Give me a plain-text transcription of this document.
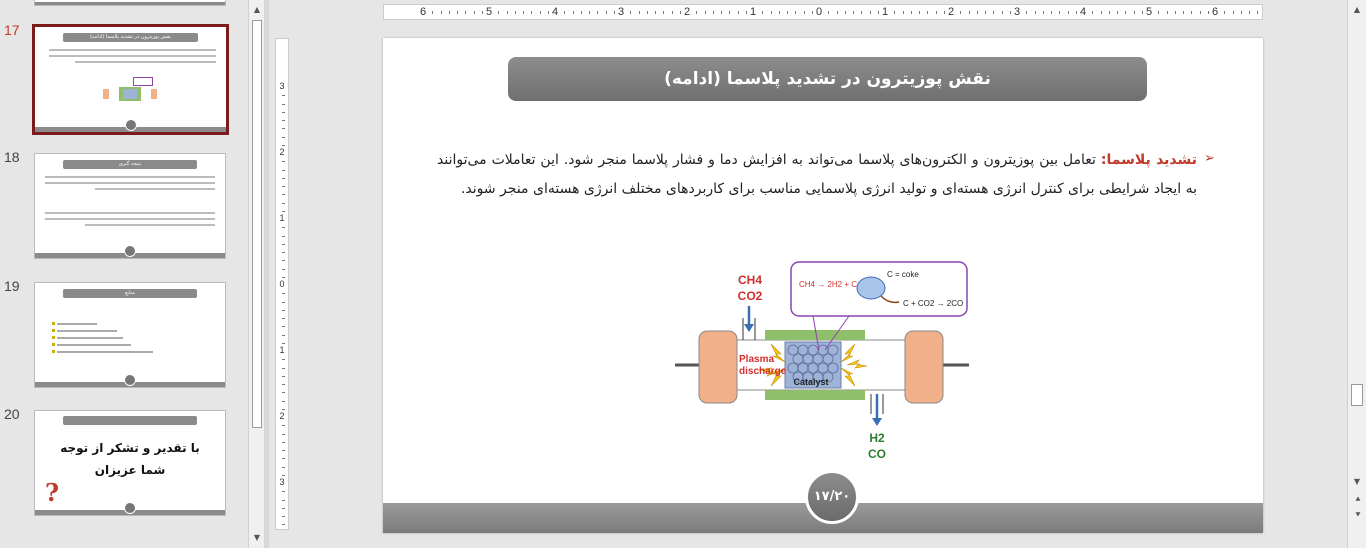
17	نقش پوزیترون در تشدید پلاسما (ادامه)
18	نتیجه گیری
19	منابع
20
با تقدیر و تشکر از توجه
شما عزیزان
?
▲
▼
6	5	4	3	2	1	0	1	2	3	4	5	6
3
2
1
0
1
2
3
نقش پوزیترون در تشدید پلاسما (ادامه)
➢
تشدید پلاسما: تعامل بین پوزیترون و الکترون‌های پلاسما می‌تواند به افزایش دما و فشار پلاسما منجر شود. این تعاملات می‌توانند به ایجاد شرایطی برای کنترل انرژی هسته‌ای و تولید انرژی پلاسمایی مناسب برای کاربردهای مختلف انرژی هسته‌ای منجر شوند.
Catalyst
Plasma
discharge
CH4
CO2
H2
CO
CH4 → 2H2 + C
C = coke
C + CO2 → 2CO
۱۷/۲۰
▲
▼
⯅
⯆
